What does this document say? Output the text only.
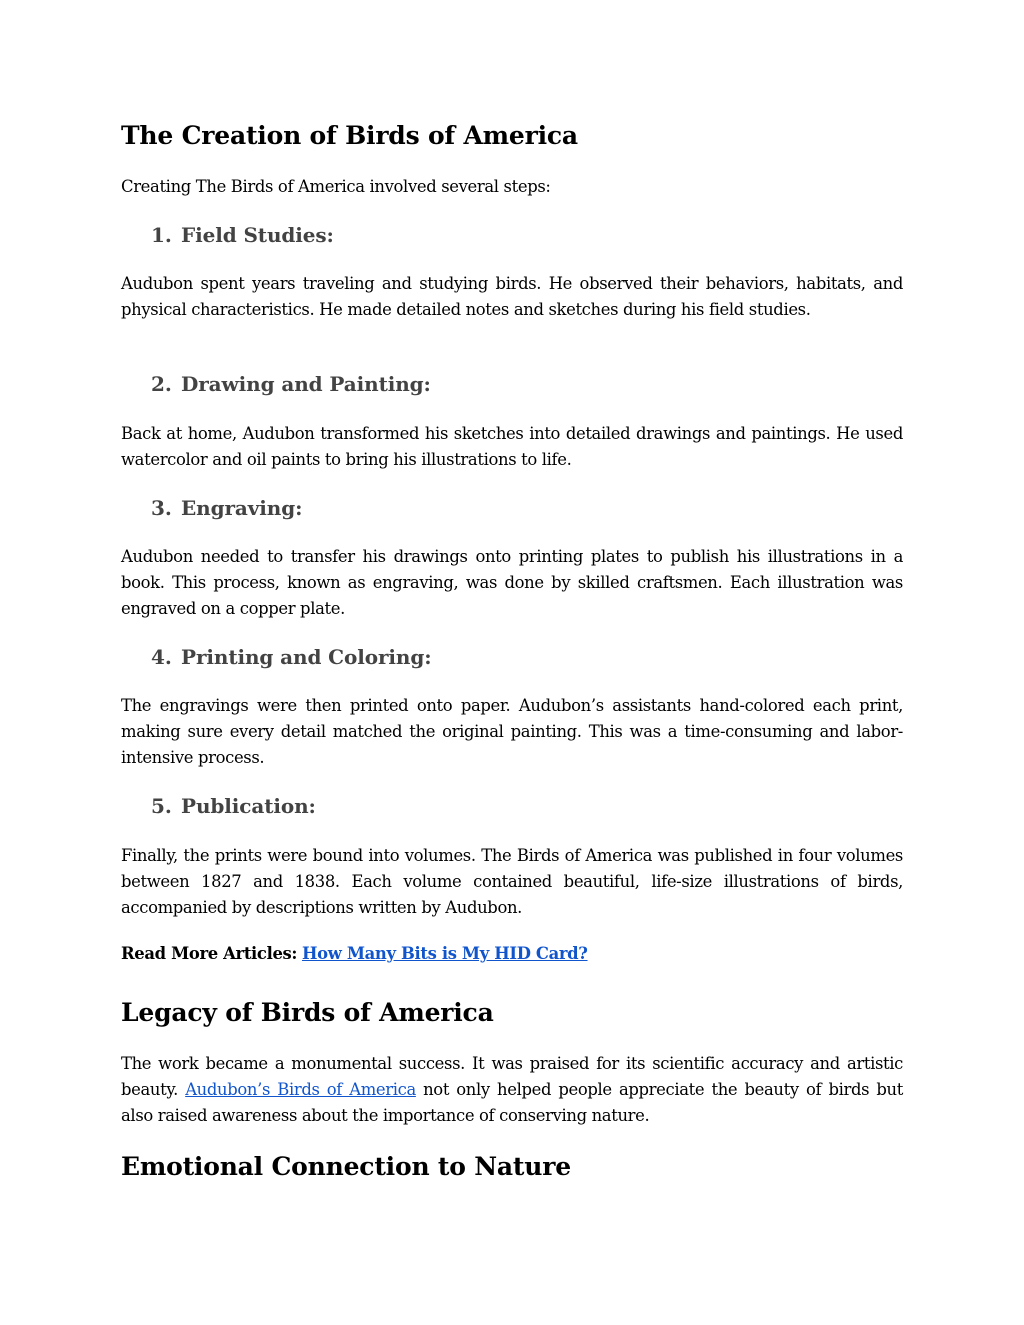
The Creation of Birds of America

Creating The Birds of America involved several steps:

1. Field Studies:

Audubon spent years traveling and studying birds. He observed their behaviors, habitats, and physical characteristics. He made detailed notes and sketches during his field studies.

2. Drawing and Painting:

Back at home, Audubon transformed his sketches into detailed drawings and paintings. He used watercolor and oil paints to bring his illustrations to life.

3. Engraving:

Audubon needed to transfer his drawings onto printing plates to publish his illustrations in a book. This process, known as engraving, was done by skilled craftsmen. Each illustration was engraved on a copper plate.

4. Printing and Coloring:

The engravings were then printed onto paper. Audubon’s assistants hand-colored each print, making sure every detail matched the original painting. This was a time-consuming and labor-intensive process.

5. Publication:

Finally, the prints were bound into volumes. The Birds of America was published in four volumes between 1827 and 1838. Each volume contained beautiful, life-size illustrations of birds, accompanied by descriptions written by Audubon.

Read More Articles: How Many Bits is My HID Card?

Legacy of Birds of America

The work became a monumental success. It was praised for its scientific accuracy and artistic beauty. Audubon’s Birds of America not only helped people appreciate the beauty of birds but also raised awareness about the importance of conserving nature.

Emotional Connection to Nature
